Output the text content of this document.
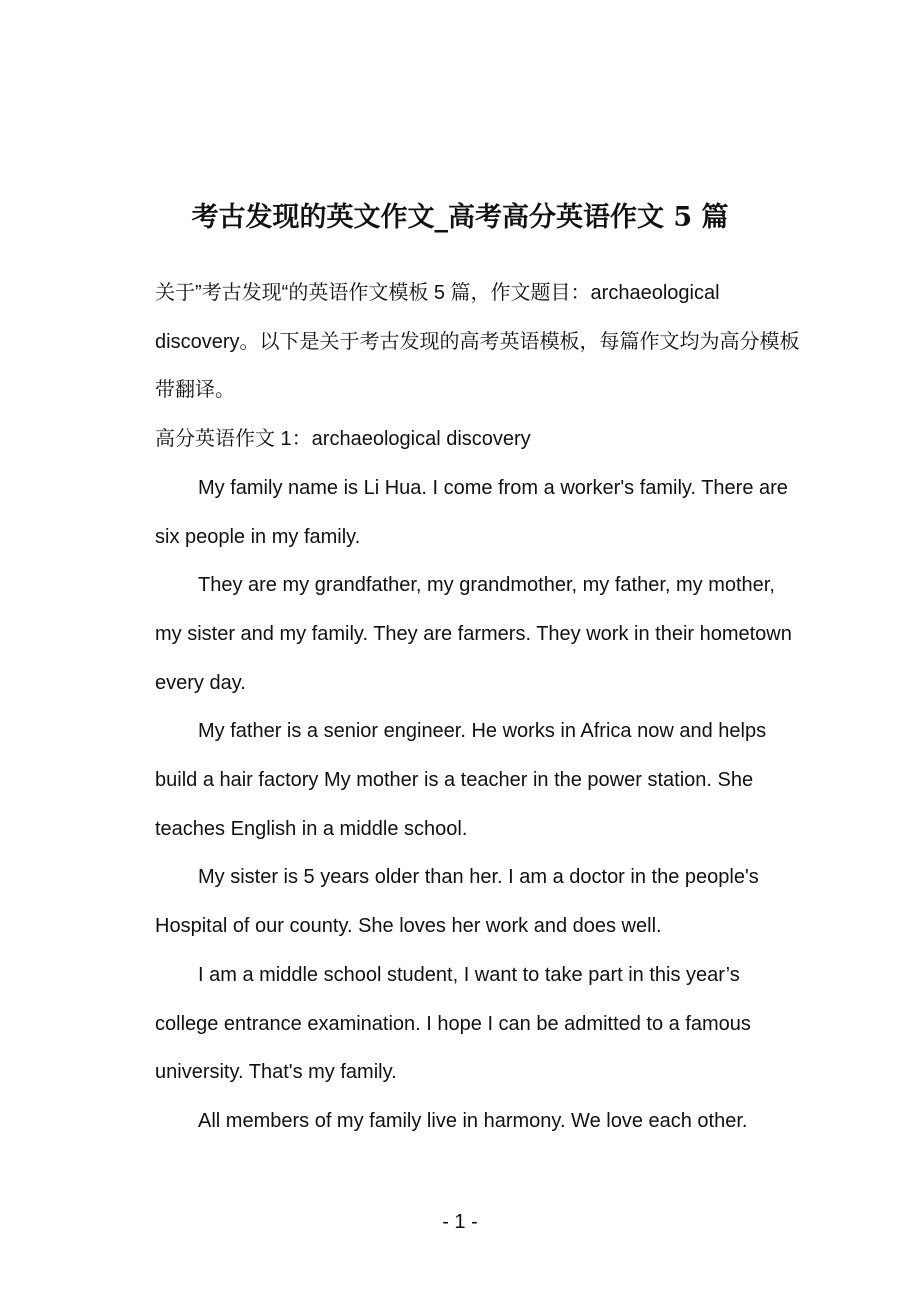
考古发现的英文作文_高考高分英语作文 5 篇

关于”考古发现“的英语作文模板 5 篇，作文题目：archaeological discovery。以下是关于考古发现的高考英语模板，每篇作文均为高分模板带翻译。

高分英语作文 1：archaeological discovery

My family name is Li Hua. I come from a worker's family. There are six people in my family.

They are my grandfather, my grandmother, my father, my mother, my sister and my family. They are farmers. They work in their hometown every day.

My father is a senior engineer. He works in Africa now and helps build a hair factory My mother is a teacher in the power station. She teaches English in a middle school.

My sister is 5 years older than her. I am a doctor in the people's Hospital of our county. She loves her work and does well.

I am a middle school student, I want to take part in this year’s college entrance examination. I hope I can be admitted to a famous university. That's my family.

All members of my family live in harmony. We love each other.

- 1 -
